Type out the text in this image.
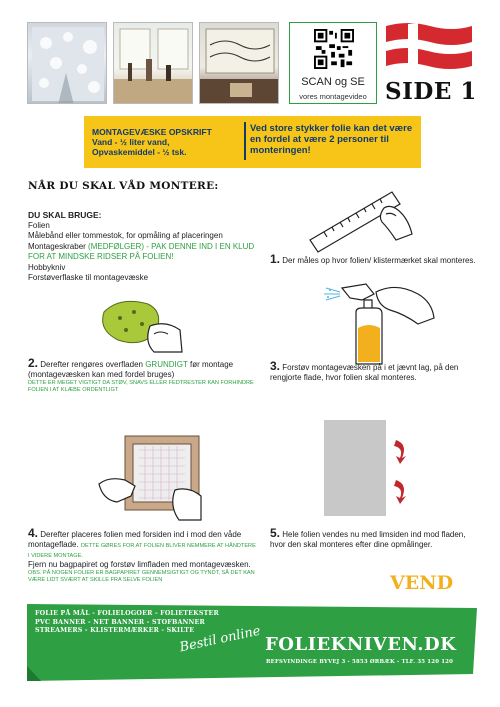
SCAN og SE
vores montagevideo SIDE 1
MONTAGEVÆSKE OPSKRIFT
Vand - ½ liter vand,
Opvaskemiddel - ½ tsk.
Ved store stykker folie kan det være en fordel at være 2 personer til monteringen!
NÅR DU SKAL VÅD MONTERE:
DU SKAL BRUGE:
Folien
Målebånd eller tommestok, for opmåling af placeringen
Montageskraber (MEDFØLGER) - PAK DENNE IND I EN KLUD FOR AT MINDSKE RIDSER PÅ FOLIEN!
Hobbykniv
Forstøverflaske til montagevæske
1. Der måles op hvor folien/ klistermærket skal monteres.
2. Derefter rengøres overfladen GRUNDIGT før montage (montagevæsken kan med fordel bruges)
DETTE ER MEGET VIGTIGT DA STØV, SNAVS ELLER FEDTRESTER KAN FORHINDRE FOLIEN I AT KLÆBE ORDENTLIGT
3. Forstøv montagevæsken på i et jævnt lag, på den rengjorte flade, hvor folien skal monteres.
4. Derefter placeres folien med forsiden ind i mod den våde montageflade. DETTE GØRES FOR AT FOLIEN BLIVER NEMMERE AT HÅNDTERE I VIDERE MONTAGE.
Fjern nu bagpapiret og forstøv limfladen med montagevæsken.
OBS. PÅ NOGEN FOLIER ER BAGPAPIRET GENNEMSIGTIGT OG TYNDT, SÅ DET KAN VÆRE LIDT SVÆRT AT SKILLE FRA SELVE FOLIEN
5. Hele folien vendes nu med limsiden ind mod fladen, hvor den skal monteres efter dine opmålinger.
VEND
FOLIE PÅ MÅL - FOLIELOGOER - FOLIETEKSTER
PVC BANNER - NET BANNER - STOFBANNER
STREAMERS - KLISTERMÆRKER - SKILTE
Bestil online FOLIEKNIVEN.DK
REFSVINDINGE BYVEJ 3 - 5853 ØRBÆK - TLF. 35 120 120
